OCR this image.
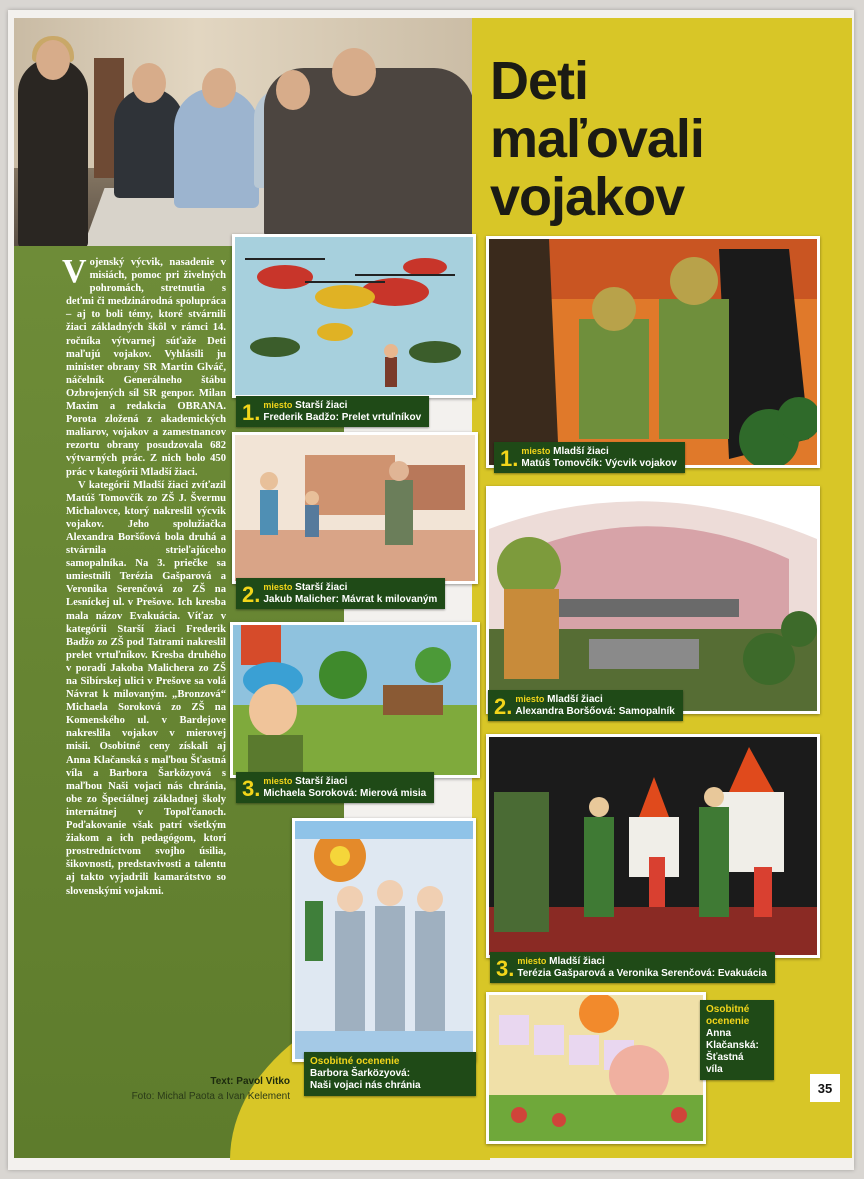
Deti
maľovali
vojakov

Vojenský výcvik, nasadenie v misiách, pomoc pri živelných pohromách, stretnutia s deťmi či medzinárodná spolupráca – aj to boli témy, ktoré stvárnili žiaci základných škôl v rámci 14. ročníka výtvarnej súťaže Deti maľujú vojakov. Vyhlásili ju minister obrany SR Martin Glváč, náčelník Generálneho štábu Ozbrojených síl SR genpor. Milan Maxim a redakcia OBRANA. Porota zložená z akademických maliarov, vojakov a zamestnancov rezortu obrany posudzovala 682 výtvarných prác. Z nich bolo 450 prác v kategórii Mladší žiaci.

V kategórii Mladší žiaci zvíťazil Matúš Tomovčík zo ZŠ J. Švermu Michalovce, ktorý nakreslil výcvik vojakov. Jeho spolužiačka Alexandra Boršőová bola druhá a stvárnila strieľajúceho samopalníka. Na 3. priečke sa umiestnili Terézia Gašparová a Veronika Serenčová zo ZŠ na Lesníckej ul. v Prešove. Ich kresba mala názov Evakuácia. Víťaz v kategórii Starší žiaci Frederik Badžo zo ZŠ pod Tatrami nakreslil prelet vrtuľníkov. Kresba druhého v poradí Jakoba Malichera zo ZŠ na Sibírskej ulici v Prešove sa volá Návrat k milovaným. „Bronzová“ Michaela Soroková zo ZŠ na Komenského ul. v Bardejove nakreslila vojakov v mierovej misii. Osobitné ceny získali aj Anna Klačanská s maľbou Šťastná víla a Barbora Šarközyová s maľbou Naši vojaci nás chránia, obe zo Špeciálnej základnej školy internátnej v Topoľčanoch. Poďakovanie však patrí všetkým žiakom a ich pedagógom, ktorí prostredníctvom svojho úsilia, šikovnosti, predstavivosti a talentu aj takto vyjadrili kamarátstvo so slovenskými vojakmi.

Text: Pavol Vitko
Foto: Michal Paota a Ivan Kelement
1. miesto Starší žiaci
Frederik Badžo: Prelet vrtuľníkov
2. miesto Starší žiaci
Jakub Malicher: Mávrat k milovaným
3. miesto Starší žiaci
Michaela Soroková: Mierová misia
Osobitné ocenenie
Barbora Šarközyová:
Naši vojaci nás chránia
1. miesto Mladší žiaci
Matúš Tomovčík: Výcvik vojakov
2. miesto Mladší žiaci
Alexandra Boršőová: Samopalník
3. miesto Mladší žiaci
Terézia Gašparová a Veronika Serenčová: Evakuácia
Osobitné
ocenenie
Anna
Klačanská:
Šťastná
víla
35
